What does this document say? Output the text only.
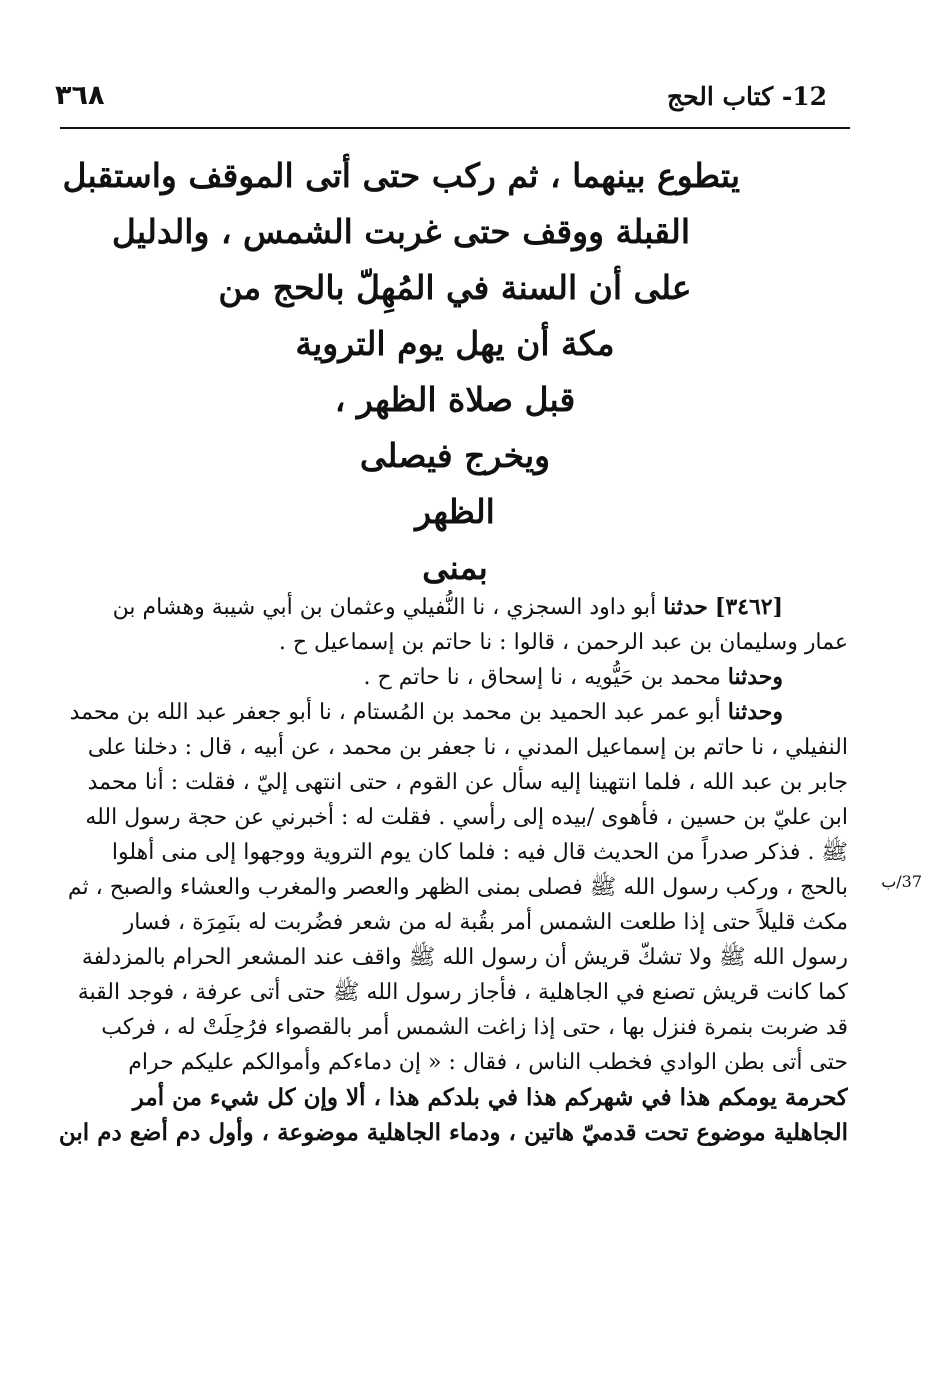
٣٦٨	12- كتاب الحج
يتطوع بينهما ، ثم ركب حتى أتى الموقف واستقبل
القبلة ووقف حتى غربت الشمس ، والدليل
على أن السنة في المُهِلّ بالحج من
مكة أن يهل يوم التروية
قبل صلاة الظهر ،
ويخرج فيصلى
الظهر
بمنى
[٣٤٦٢] حدثنا أبو داود السجزي ، نا النُّفيلي وعثمان بن أبي شيبة وهشام بن
عمار وسليمان بن عبد الرحمن ، قالوا : نا حاتم بن إسماعيل ح .
وحدثنا محمد بن حَيُّويه ، نا إسحاق ، نا حاتم ح .
وحدثنا أبو عمر عبد الحميد بن محمد بن المُستام ، نا أبو جعفر عبد الله بن محمد
النفيلي ، نا حاتم بن إسماعيل المدني ، نا جعفر بن محمد ، عن أبيه ، قال : دخلنا على
جابر بن عبد الله ، فلما انتهينا إليه سأل عن القوم ، حتى انتهى إليّ ، فقلت : أنا محمد
ابن عليّ بن حسين ، فأهوى /بيده إلى رأسي . فقلت له : أخبرني عن حجة رسول الله
ﷺ . فذكر صدراً من الحديث قال فيه : فلما كان يوم التروية ووجهوا إلى منى أهلوا
بالحج ، وركب رسول الله ﷺ فصلى بمنى الظهر والعصر والمغرب والعشاء والصبح ، ثم
مكث قليلاً حتى إذا طلعت الشمس أمر بقُبة له من شعر فضُربت له بنَمِرَة ، فسار
رسول الله ﷺ ولا تشكّ قريش أن رسول الله ﷺ واقف عند المشعر الحرام بالمزدلفة
كما كانت قريش تصنع في الجاهلية ، فأجاز رسول الله ﷺ حتى أتى عرفة ، فوجد القبة
قد ضربت بنمرة فنزل بها ، حتى إذا زاغت الشمس أمر بالقصواء فرُحِلَتْ له ، فركب
حتى أتى بطن الوادي فخطب الناس ، فقال : « إن دماءكم وأموالكم عليكم حرام
كحرمة يومكم هذا في شهركم هذا في بلدكم هذا ، ألا وإن كل شيء من أمر
الجاهلية موضوع تحت قدميّ هاتين ، ودماء الجاهلية موضوعة ، وأول دم أضع دم ابن
37/ب
